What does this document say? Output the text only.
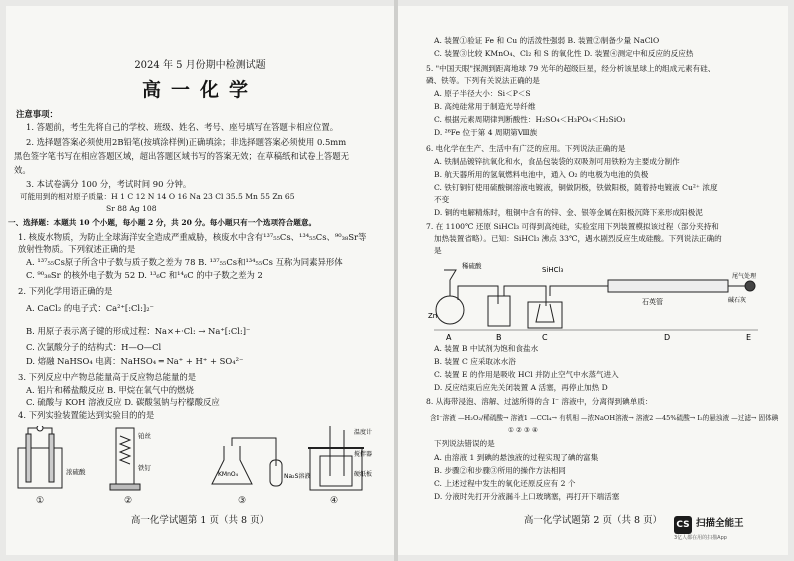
2024 年 5 月份期中检测试题
高一化学
注意事项：
1. 答题前，考生先将自己的学校、班级、姓名、考号、座号填写在答题卡相应位置。
2. 选择题答案必须使用2B铅笔(按填涂样例)正确填涂；非选择题答案必须使用 0.5mm
黑色签字笔书写在相应答题区域，超出答题区域书写的答案无效；在草稿纸和试卷上答题无
效。
3. 本试卷满分 100 分，考试时间 90 分钟。
可能用到的相对原子质量：H 1 C 12 N 14 O 16 Na 23 Cl 35.5 Mn 55 Zn 65
Sr 88 Ag 108
一、选择题：本题共 10 个小题，每小题 2 分，共 20 分。每小题只有一个选项符合题意。
1. 核废水物质，为防止全球海洋安全造成严重威胁，核废水中含有¹³⁷₅₅Cs、¹³⁴₅₅Cs、⁹⁰₃₈Sr等
放射性物质。下列叙述正确的是
A. ¹³⁷₅₅Cs原子所含中子数与质子数之差为 78 B. ¹³⁷₅₅Cs和¹³⁴₅₅Cs 互称为同素异形体
C. ⁹⁰₃₈Sr 的核外电子数为 52 D. ¹³₆C 和¹⁴₆C 的中子数之差为 2
2. 下列化学用语正确的是
A. CaCl₂ 的电子式：Ca²⁺[:Cl:]₂⁻
B. 用原子表示离子键的形成过程：Na×+·Cl: → Na⁺[:Cl:]⁻
C. 次氯酸分子的结构式：H—O—Cl
D. 熔融 NaHSO₄ 电离：NaHSO₄ ═ Na⁺ + H⁺ + SO₄²⁻
3. 下列反应中产物总能量高于反应物总能量的是
A. 铝片和稀盐酸反应 B. 甲烷在氧气中的燃烧
C. 硫酸与 KOH 溶液反应 D. 碳酸氢钠与柠檬酸反应
4. 下列实验装置能达到实验目的的是
浓硫酸
铂丝
铁钉
KMnO₄	Na₂S溶液
温度计
搅拌器
硬纸板
①	②	③	④
高一化学试题第 1 页（共 8 页）
A. 装置①验证 Fe 和 Cu 的活泼性强弱 B. 装置②制备少量 NaClO
C. 装置③比较 KMnO₄、Cl₂ 和 S 的氧化性 D. 装置④测定中和反应的反应热
5. "中国天眼"探测到距离地球 79 光年的超级巨星，经分析该星球上的组成元素有硅、
磷、铁等。下列有关说法正确的是
A. 原子半径大小：Si＜P＜S
B. 高纯硅常用于制造光导纤维
C. 根据元素周期律判断酸性：H₂SO₄＜H₃PO₄＜H₂SiO₃
D. ²⁶Fe 位于第 4 周期第Ⅷ族
6. 电化学在生产、生活中有广泛的应用。下列说法正确的是
A. 铁制品镀锌抗氧化和水，食品包装袋的双吸剂可用铁粉为主要成分制作
B. 航天器所用的氢氧燃料电池中，通入 O₂ 的电极为电池的负极
C. 铁钉铜钉使用硫酸铜溶液电镀液，铜做阴极，铁做阳极，随着持电镀液 Cu²⁺ 浓度
不变
D. 铜的电解精炼时，粗铜中含有的锌、金、银等金属在阳极沉降下来形成阳极泥
7. 在 1100℃ 还原 SiHCl₃ 可得到高纯硅，实验室用下列装置模拟该过程（部分夹持和
加热装置省略）。已知：SiHCl₃ 沸点 33℃，遇水剧烈反应生成硅酸。下列说法正确的
是
稀硫酸	SiHCl₃
石英管
尾气处理
碱石灰
Zn
A	B	C	D	E
A. 装置 B 中试剂为饱和食盐水
B. 装置 C 应采取冰水浴
C. 装置 E 的作用是吸收 HCl 并防止空气中水蒸气进入
D. 反应结束后应先关闭装置 A 活塞，再停止加热 D
8. 从海带浸泡、溶解、过滤所得的含 I⁻ 溶液中，分离得到碘单质：
含I⁻溶液 —H₂O₂/稀硫酸→ 溶液1 —CCl₄→ 有机相 —浓NaOH溶液→ 溶液2 —45%硫酸→ I₂的悬浊液 —过滤→ 固体碘
① ② ③ ④
下列说法错误的是
A. 由溶液 1 到碘的悬浊液的过程实现了碘的富集
B. 步骤②和步骤③所用的操作方法相同
C. 上述过程中发生的氧化还原反应有 2 个
D. 分液时先打开分液漏斗上口玻璃塞，再打开下端活塞
高一化学试题第 2 页（共 8 页）	CS 扫描全能王
3亿人都在用的扫描App
